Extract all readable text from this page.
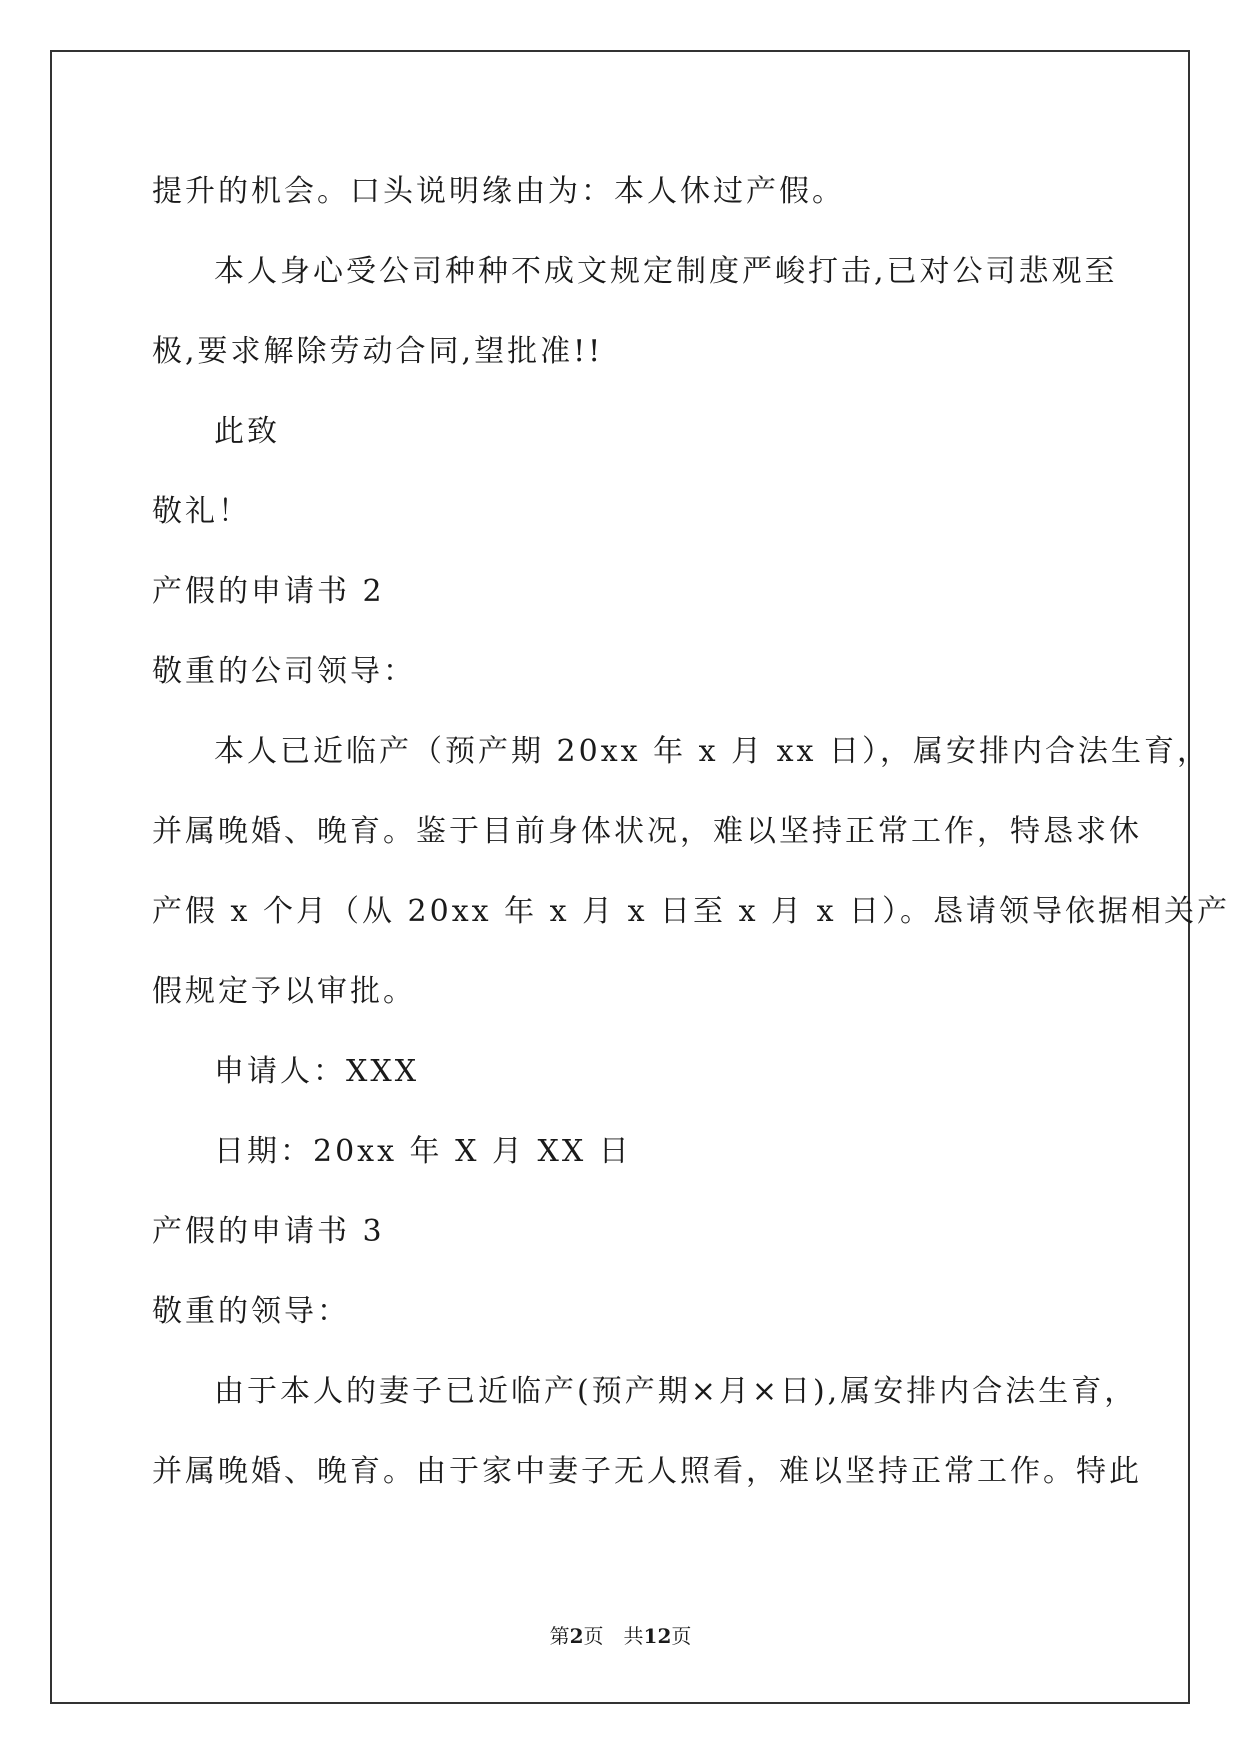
提升的机会。口头说明缘由为：本人休过产假。

本人身心受公司种种不成文规定制度严峻打击,已对公司悲观至

极,要求解除劳动合同,望批准!!

此致

敬礼！

产假的申请书 2

敬重的公司领导：

本人已近临产（预产期 20xx 年 x 月 xx 日），属安排内合法生育，

并属晚婚、晚育。鉴于目前身体状况，难以坚持正常工作，特恳求休

产假 x 个月（从 20xx 年 x 月 x 日至 x 月 x 日）。恳请领导依据相关产

假规定予以审批。

申请人：XXX

日期：20xx 年 X 月 XX 日

产假的申请书 3

敬重的领导：

由于本人的妻子已近临产(预产期×月×日),属安排内合法生育，

并属晚婚、晚育。由于家中妻子无人照看，难以坚持正常工作。特此

第2页　共12页
